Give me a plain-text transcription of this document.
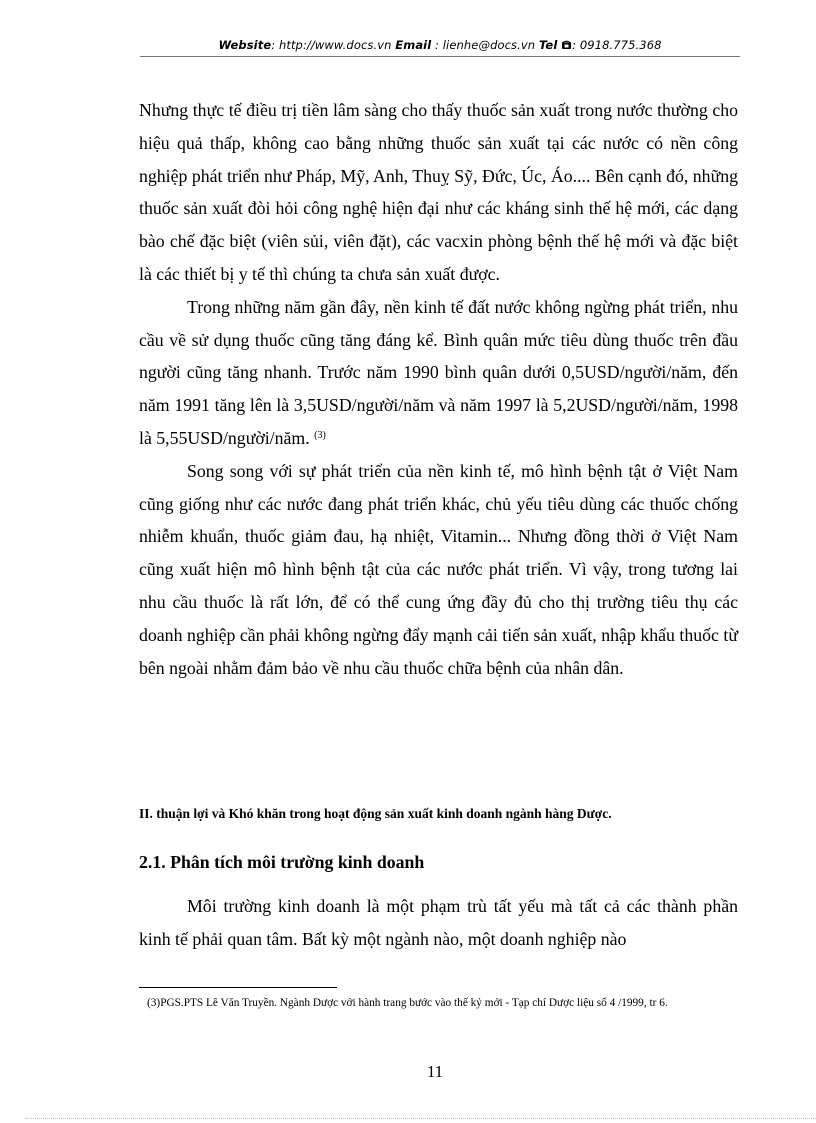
Website: http://www.docs.vn Email : lienhe@docs.vn Tel : 0918.775.368

Nhưng thực tế điều trị tiền lâm sàng cho thấy thuốc sản xuất trong nước thường cho hiệu quả thấp, không cao bằng những thuốc sản xuất tại các nước có nền công nghiệp phát triển như Pháp, Mỹ, Anh, Thuỵ Sỹ, Đức, Úc, Áo.... Bên cạnh đó, những thuốc sản xuất đòi hỏi công nghệ hiện đại như các kháng sinh thế hệ mới, các dạng bào chế đặc biệt (viên sủi, viên đặt), các vacxin phòng bệnh thế hệ mới và đặc biệt là các thiết bị y tế thì chúng ta chưa sản xuất được.

Trong những năm gần đây, nền kinh tế đất nước không ngừng phát triển, nhu cầu về sử dụng thuốc cũng tăng đáng kể. Bình quân mức tiêu dùng thuốc trên đầu người cũng tăng nhanh. Trước năm 1990 bình quân dưới 0,5USD/người/năm, đến năm 1991 tăng lên là 3,5USD/người/năm và năm 1997 là 5,2USD/người/năm, 1998 là 5,55USD/người/năm. $^{(3)}$

Song song với sự phát triển của nền kinh tế, mô hình bệnh tật ở Việt Nam cũng giống như các nước đang phát triển khác, chủ yếu tiêu dùng các thuốc chống nhiễm khuẩn, thuốc giảm đau, hạ nhiệt, Vitamin... Nhưng đồng thời ở Việt Nam cũng xuất hiện mô hình bệnh tật của các nước phát triển. Vì vậy, trong tương lai nhu cầu thuốc là rất lớn, để có thể cung ứng đầy đủ cho thị trường tiêu thụ các doanh nghiệp cần phải không ngừng đẩy mạnh cải tiến sản xuất, nhập khẩu thuốc từ bên ngoài nhằm đảm bảo về nhu cầu thuốc chữa bệnh của nhân dân.

II. thuận lợi và Khó khăn trong hoạt động sản xuất kinh doanh ngành hàng Dược.
2.1. Phân tích môi trường kinh doanh

Môi trường kinh doanh là một phạm trù tất yếu mà tất cả các thành phần kinh tế phải quan tâm. Bất kỳ một ngành nào, một doanh nghiệp nào

(3)PGS.PTS Lê Văn Truyền. Ngành Dược với hành trang bước vào thế kỷ mới - Tạp chí Dược liệu số 4 /1999, tr 6.
11
